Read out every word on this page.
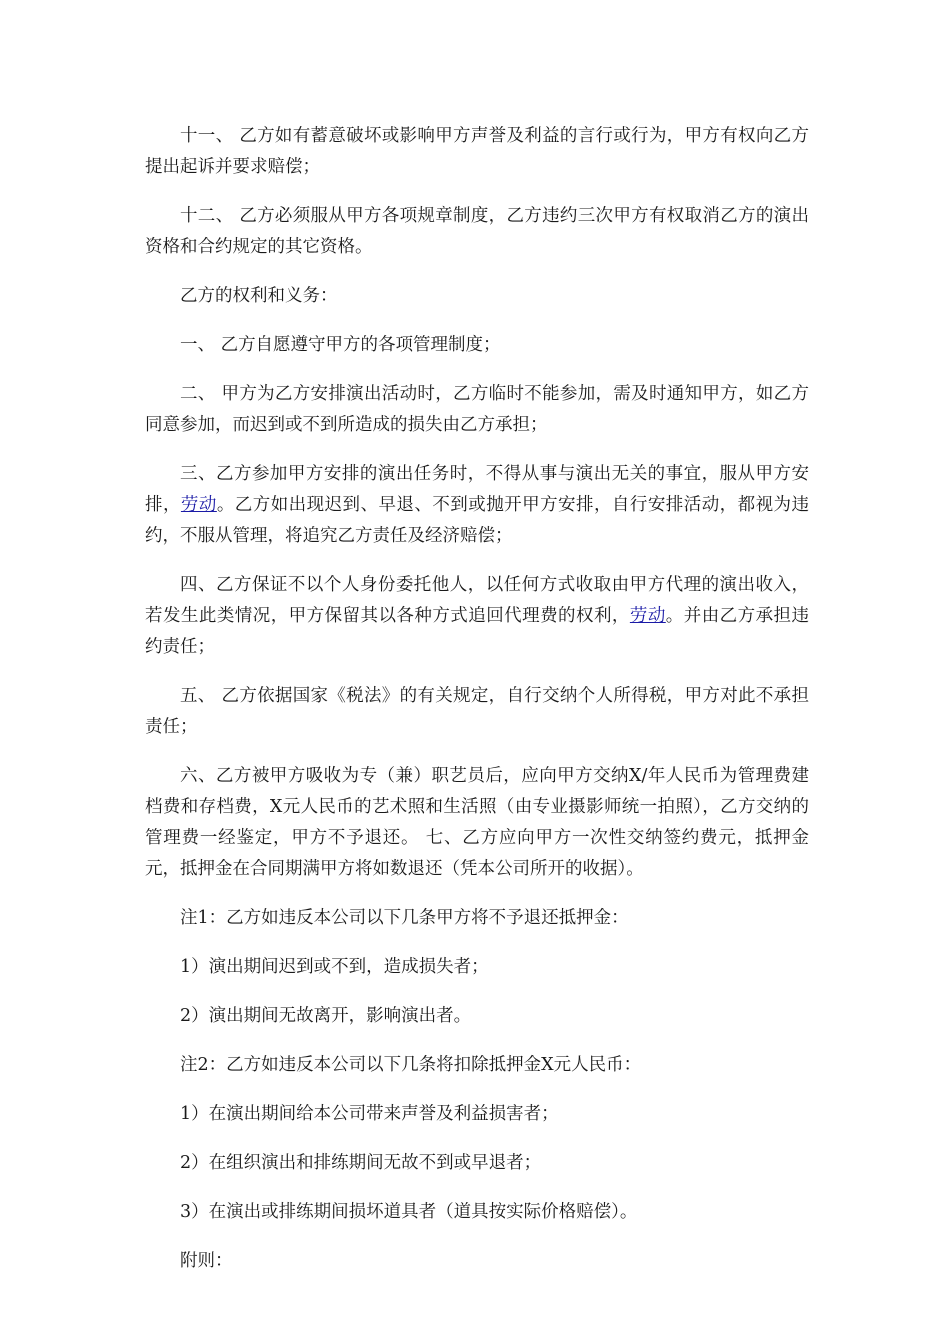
十一、 乙方如有蓄意破坏或影响甲方声誉及利益的言行或行为，甲方有权向乙方提出起诉并要求赔偿；

十二、 乙方必须服从甲方各项规章制度，乙方违约三次甲方有权取消乙方的演出资格和合约规定的其它资格。

乙方的权利和义务：

一、 乙方自愿遵守甲方的各项管理制度；

二、 甲方为乙方安排演出活动时，乙方临时不能参加，需及时通知甲方，如乙方同意参加，而迟到或不到所造成的损失由乙方承担；

三、乙方参加甲方安排的演出任务时，不得从事与演出无关的事宜，服从甲方安排，劳动。乙方如出现迟到、早退、不到或抛开甲方安排，自行安排活动，都视为违约，不服从管理，将追究乙方责任及经济赔偿；

四、乙方保证不以个人身份委托他人，以任何方式收取由甲方代理的演出收入，若发生此类情况，甲方保留其以各种方式追回代理费的权利，劳动。并由乙方承担违约责任；

五、 乙方依据国家《税法》的有关规定，自行交纳个人所得税，甲方对此不承担责任；

六、乙方被甲方吸收为专（兼）职艺员后，应向甲方交纳X/年人民币为管理费建档费和存档费，X元人民币的艺术照和生活照（由专业摄影师统一拍照），乙方交纳的管理费一经鉴定，甲方不予退还。 七、乙方应向甲方一次性交纳签约费元，抵押金元，抵押金在合同期满甲方将如数退还（凭本公司所开的收据）。

注1：乙方如违反本公司以下几条甲方将不予退还抵押金：

1）演出期间迟到或不到，造成损失者；

2）演出期间无故离开，影响演出者。

注2：乙方如违反本公司以下几条将扣除抵押金X元人民币：

1）在演出期间给本公司带来声誉及利益损害者；

2）在组织演出和排练期间无故不到或早退者；

3）在演出或排练期间损坏道具者（道具按实际价格赔偿）。

附则：
